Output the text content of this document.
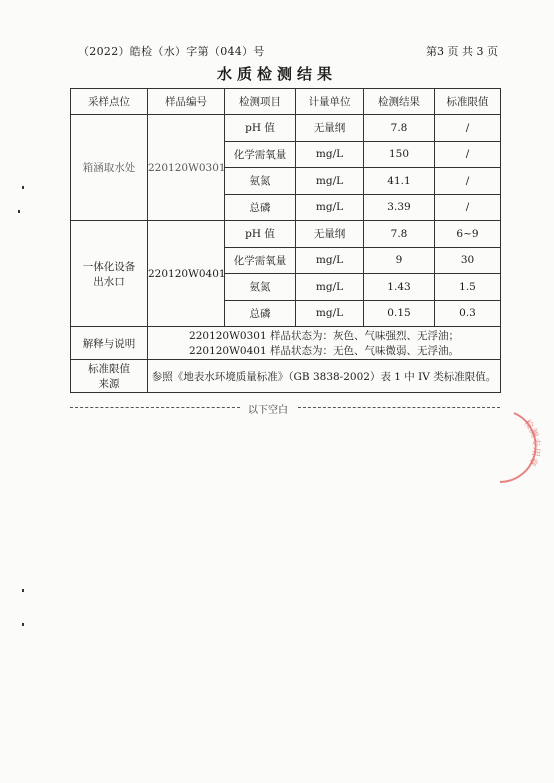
（2022）皓检（水）字第（044）号	第3 页 共 3 页
水质检测结果
采样点位	样品编号	检测项目	计量单位	检测结果	标准限值
箱涵取水处	220120W0301	pH 值	无量纲	7.8	/
		化学需氧量	mg/L	150	/
		氨氮	mg/L	41.1	/
		总磷	mg/L	3.39	/
一体化设备
出水口	220120W0401	pH 值	无量纲	7.8	6~9
		化学需氧量	mg/L	9	30
		氨氮	mg/L	1.43	1.5
		总磷	mg/L	0.15	0.3
解释与说明	220120W0301 样品状态为：灰色、气味强烈、无浮油；
220120W0401 样品状态为：无色、气味微弱、无浮油。				
标准限值
来源	参照《地表水环境质量标准》（GB 3838-2002）表 1 中 IV 类标准限值。				
以下空白
检测专用章
